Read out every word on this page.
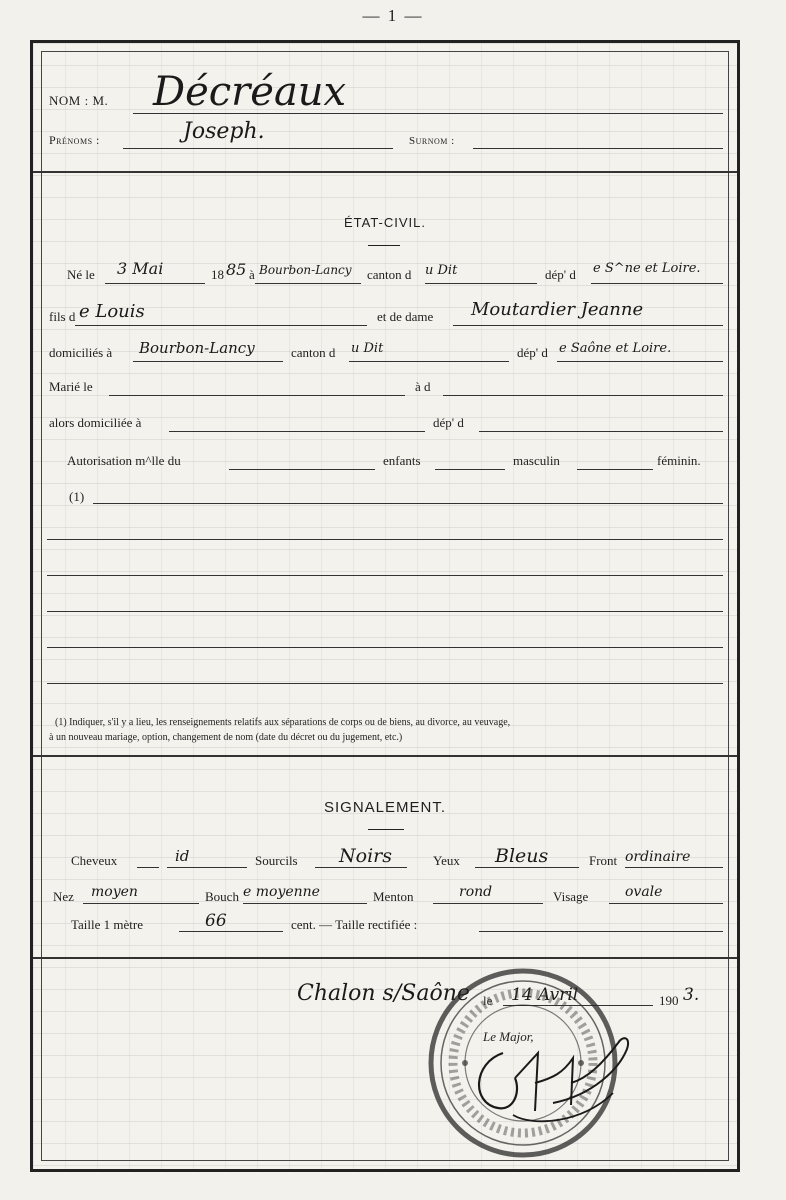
— 1 —
NOM : M. Décréaux
Prénoms :	Joseph.	Surnom :
ÉTAT-CIVIL.
Né le 3 Mai	18 85 à Bourbon-Lancy canton d u Dit	dép' d e S^ne et Loire.
fils d e Louis	et de dame Moutardier Jeanne
domiciliés à Bourbon-Lancy	canton d u Dit	dép' d e Saône et Loire.
Marié le	à d
alors domiciliée à	dép' d
Autorisation m^lle du	enfants	masculin	féminin.
(1)
(1) Indiquer, s'il y a lieu, les renseignements relatifs aux séparations de corps ou de biens, au divorce, au veuvage,
à un nouveau mariage, option, changement de nom (date du décret ou du jugement, etc.)
SIGNALEMENT.
Cheveux	id	Sourcils Noirs	Yeux Bleus	Front ordinaire
Nez moyen	Bouch e moyenne	Menton	rond	Visage	ovale
Taille 1 mètre	66	cent. — Taille rectifiée :
Chalon s/Saône le 14 Avril	190 3.
Le Major,
